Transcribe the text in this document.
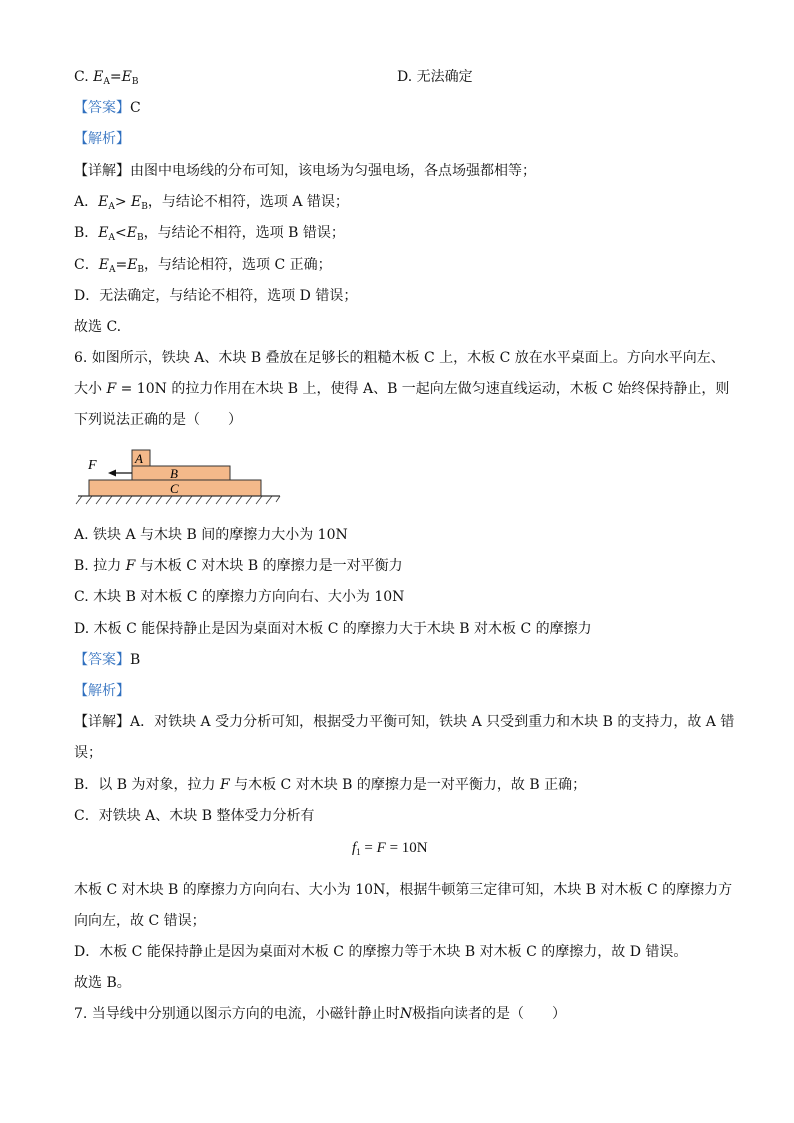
C. $E_A=E_B$	D. 无法确定
【答案】C
【解析】
【详解】由图中电场线的分布可知，该电场为匀强电场，各点场强都相等；
A．$E_A> E_B$，与结论不相符，选项 A 错误；
B．$E_A<E_B$，与结论不相符，选项 B 错误；
C．$E_A=E_B$，与结论相符，选项 C 正确；
D．无法确定，与结论不相符，选项 D 错误；
故选 C.
6. 如图所示，铁块 A、木块 B 叠放在足够长的粗糙木板 C 上，木板 C 放在水平桌面上。方向水平向左、
大小 F = 10N 的拉力作用在木块 B 上，使得 A、B 一起向左做匀速直线运动，木板 C 始终保持静止，则
下列说法正确的是（　　）
F	A
B
C
A. 铁块 A 与木块 B 间的摩擦力大小为 10N
B. 拉力 F 与木板 C 对木块 B 的摩擦力是一对平衡力
C. 木块 B 对木板 C 的摩擦力方向向右、大小为 10N
D. 木板 C 能保持静止是因为桌面对木板 C 的摩擦力大于木块 B 对木板 C 的摩擦力
【答案】B
【解析】
【详解】A．对铁块 A 受力分析可知，根据受力平衡可知，铁块 A 只受到重力和木块 B 的支持力，故 A 错
误；
B．以 B 为对象，拉力 F 与木板 C 对木块 B 的摩擦力是一对平衡力，故 B 正确；
C．对铁块 A、木块 B 整体受力分析有
$f_1 = F = 10N$
木板 C 对木块 B 的摩擦力方向向右、大小为 10N，根据牛顿第三定律可知，木块 B 对木板 C 的摩擦力方
向向左，故 C 错误；
D．木板 C 能保持静止是因为桌面对木板 C 的摩擦力等于木块 B 对木板 C 的摩擦力，故 D 错误。
故选 B。
7. 当导线中分别通以图示方向的电流，小磁针静止时N极指向读者的是（　　）
